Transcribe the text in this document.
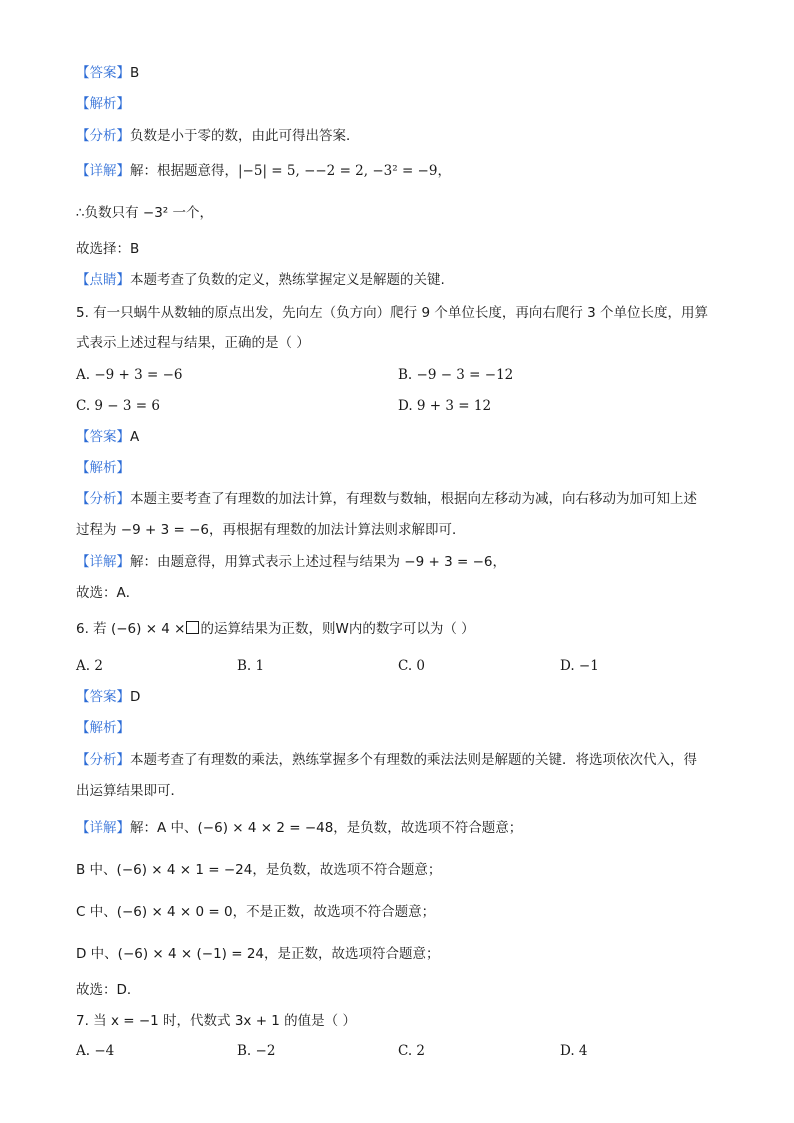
【答案】B
【解析】
【分析】负数是小于零的数，由此可得出答案．
【详解】解：根据题意得，|−5| = 5, −−2 = 2, −3² = −9，
∴负数只有 −3² 一个，
故选择：B
【点睛】本题考查了负数的定义，熟练掌握定义是解题的关键.
5. 有一只蜗牛从数轴的原点出发，先向左（负方向）爬行 9 个单位长度，再向右爬行 3 个单位长度，用算
式表示上述过程与结果，正确的是（ ）
A. −9 + 3 = −6	B. −9 − 3 = −12
C. 9 − 3 = 6	D. 9 + 3 = 12
【答案】A
【解析】
【分析】本题主要考查了有理数的加法计算，有理数与数轴，根据向左移动为减，向右移动为加可知上述
过程为 −9 + 3 = −6，再根据有理数的加法计算法则求解即可．
【详解】解：由题意得，用算式表示上述过程与结果为 −9 + 3 = −6，
故选：A．
6. 若 (−6) × 4 × 的运算结果为正数，则W内的数字可以为（ ）
A. 2	B. 1	C. 0	D. −1
【答案】D
【解析】
【分析】本题考查了有理数的乘法，熟练掌握多个有理数的乘法法则是解题的关键．将选项依次代入，得
出运算结果即可．
【详解】解：A 中、(−6) × 4 × 2 = −48，是负数，故选项不符合题意；
B 中、(−6) × 4 × 1 = −24，是负数，故选项不符合题意；
C 中、(−6) × 4 × 0 = 0，不是正数，故选项不符合题意；
D 中、(−6) × 4 × (−1) = 24，是正数，故选项符合题意；
故选：D．
7. 当 x = −1 时，代数式 3x + 1 的值是（ ）
A. −4	B. −2	C. 2	D. 4
